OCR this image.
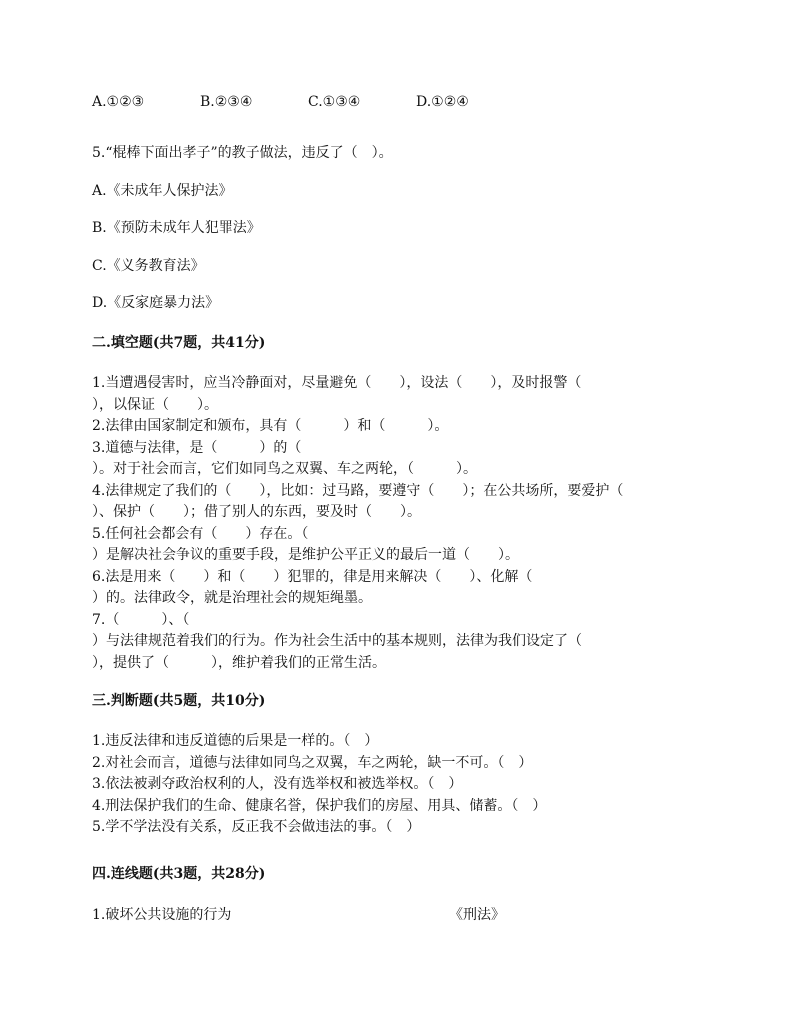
A.①②③	B.②③④	C.①③④	D.①②④
5.“棍棒下面出孝子”的教子做法，违反了（　）。
A.《未成年人保护法》
B.《预防未成年人犯罪法》
C.《义务教育法》
D.《反家庭暴力法》
二.填空题(共7题，共41分)
1.当遭遇侵害时，应当冷静面对，尽量避免（　　），设法（　　），及时报警（
），以保证（　　）。
2.法律由国家制定和颁布，具有（　　　）和（　　　）。
3.道德与法律，是（　　　）的（
）。对于社会而言，它们如同鸟之双翼、车之两轮，（　　　）。
4.法律规定了我们的（　　），比如：过马路，要遵守（　　）；在公共场所，要爱护（
）、保护（　　）；借了别人的东西，要及时（　　）。
5.任何社会都会有（　　）存在。（
）是解决社会争议的重要手段，是维护公平正义的最后一道（　　）。
6.法是用来（　　）和（　　）犯罪的，律是用来解决（　　）、化解（
）的。法律政令，就是治理社会的规矩绳墨。
7.（　　　）、（
）与法律规范着我们的行为。作为社会生活中的基本规则，法律为我们设定了（
），提供了（　　　），维护着我们的正常生活。
三.判断题(共5题，共10分)
1.违反法律和违反道德的后果是一样的。（　）
2.对社会而言，道德与法律如同鸟之双翼，车之两轮，缺一不可。（　）
3.依法被剥夺政治权利的人，没有选举权和被选举权。（　）
4.刑法保护我们的生命、健康名誉，保护我们的房屋、用具、储蓄。（　）
5.学不学法没有关系，反正我不会做违法的事。（　）
四.连线题(共3题，共28分)
1.破坏公共设施的行为	《刑法》
